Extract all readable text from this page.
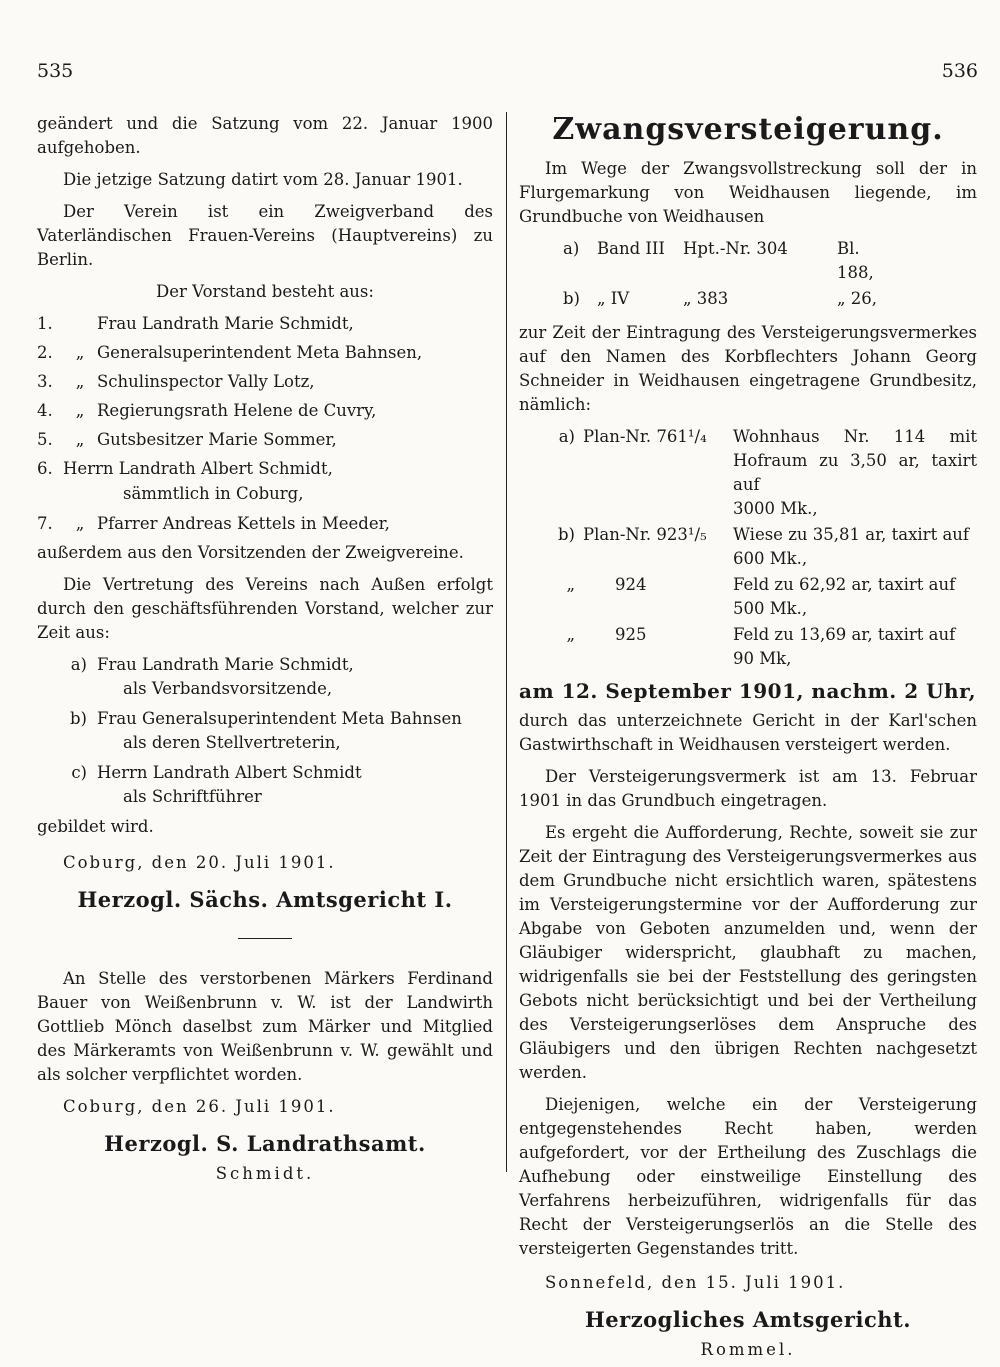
535	536

geändert und die Satzung vom 22. Januar 1900 aufgehoben.

Die jetzige Satzung datirt vom 28. Januar 1901.

Der Verein ist ein Zweigverband des Vaterländischen Frauen-Vereins (Hauptvereins) zu Berlin.

Der Vorstand besteht aus:

1.	Frau Landrath Marie Schmidt,
2.	„ Generalsuperintendent Meta Bahnsen,
3.	„ Schulinspector Vally Lotz,
4.	„ Regierungsrath Helene de Cuvry,
5.	„ Gutsbesitzer Marie Sommer,
6. Herrn Landrath Albert Schmidt,
sämmtlich in Coburg,
7.	„ Pfarrer Andreas Kettels in Meeder,

außerdem aus den Vorsitzenden der Zweigvereine.

Die Vertretung des Vereins nach Außen erfolgt durch den geschäftsführenden Vorstand, welcher zur Zeit aus:

a) Frau Landrath Marie Schmidt,
als Verbandsvorsitzende,
b) Frau Generalsuperintendent Meta Bahnsen
als deren Stellvertreterin,
c) Herrn Landrath Albert Schmidt
als Schriftführer

gebildet wird.

Coburg, den 20. Juli 1901.

Herzogl. Sächs. Amtsgericht I.

An Stelle des verstorbenen Märkers Ferdinand Bauer von Weißenbrunn v. W. ist der Landwirth Gottlieb Mönch daselbst zum Märker und Mitglied des Märkeramts von Weißenbrunn v. W. gewählt und als solcher verpflichtet worden.

Coburg, den 26. Juli 1901.

Herzogl. S. Landrathsamt.
Schmidt.
Zwangsversteigerung.

Im Wege der Zwangsvollstreckung soll der in Flurgemarkung von Weidhausen liegende, im Grundbuche von Weidhausen

a)	Band III	Hpt.-Nr. 304	Bl. 188,
b)	„ IV	„ 383	„ 26,

zur Zeit der Eintragung des Versteigerungsvermerkes auf den Namen des Korbflechters Johann Georg Schneider in Weidhausen eingetragene Grundbesitz, nämlich:

a) Plan-Nr. 761¹/₄	Wohnhaus Nr. 114 mit Hofraum zu 3,50 ar, taxirt auf
3000 Mk.,
b) Plan-Nr. 923¹/₅	Wiese zu 35,81 ar, taxirt auf
600 Mk.,
„	924	Feld zu 62,92 ar, taxirt auf
500 Mk.,
„	925	Feld zu 13,69 ar, taxirt auf
90 Mk,
am 12. September 1901, nachm. 2 Uhr,

durch das unterzeichnete Gericht in der Karl'schen Gastwirthschaft in Weidhausen versteigert werden.

Der Versteigerungsvermerk ist am 13. Februar 1901 in das Grundbuch eingetragen.

Es ergeht die Aufforderung, Rechte, soweit sie zur Zeit der Eintragung des Versteigerungsvermerkes aus dem Grundbuche nicht ersichtlich waren, spätestens im Versteigerungstermine vor der Aufforderung zur Abgabe von Geboten anzumelden und, wenn der Gläubiger widerspricht, glaubhaft zu machen, widrigenfalls sie bei der Feststellung des geringsten Gebots nicht berücksichtigt und bei der Vertheilung des Versteigerungserlöses dem Anspruche des Gläubigers und den übrigen Rechten nachgesetzt werden.

Diejenigen, welche ein der Versteigerung entgegenstehendes Recht haben, werden aufgefordert, vor der Ertheilung des Zuschlags die Aufhebung oder einstweilige Einstellung des Verfahrens herbeizuführen, widrigenfalls für das Recht der Versteigerungserlös an die Stelle des versteigerten Gegenstandes tritt.

Sonnefeld, den 15. Juli 1901.

Herzogliches Amtsgericht.
Rommel.
